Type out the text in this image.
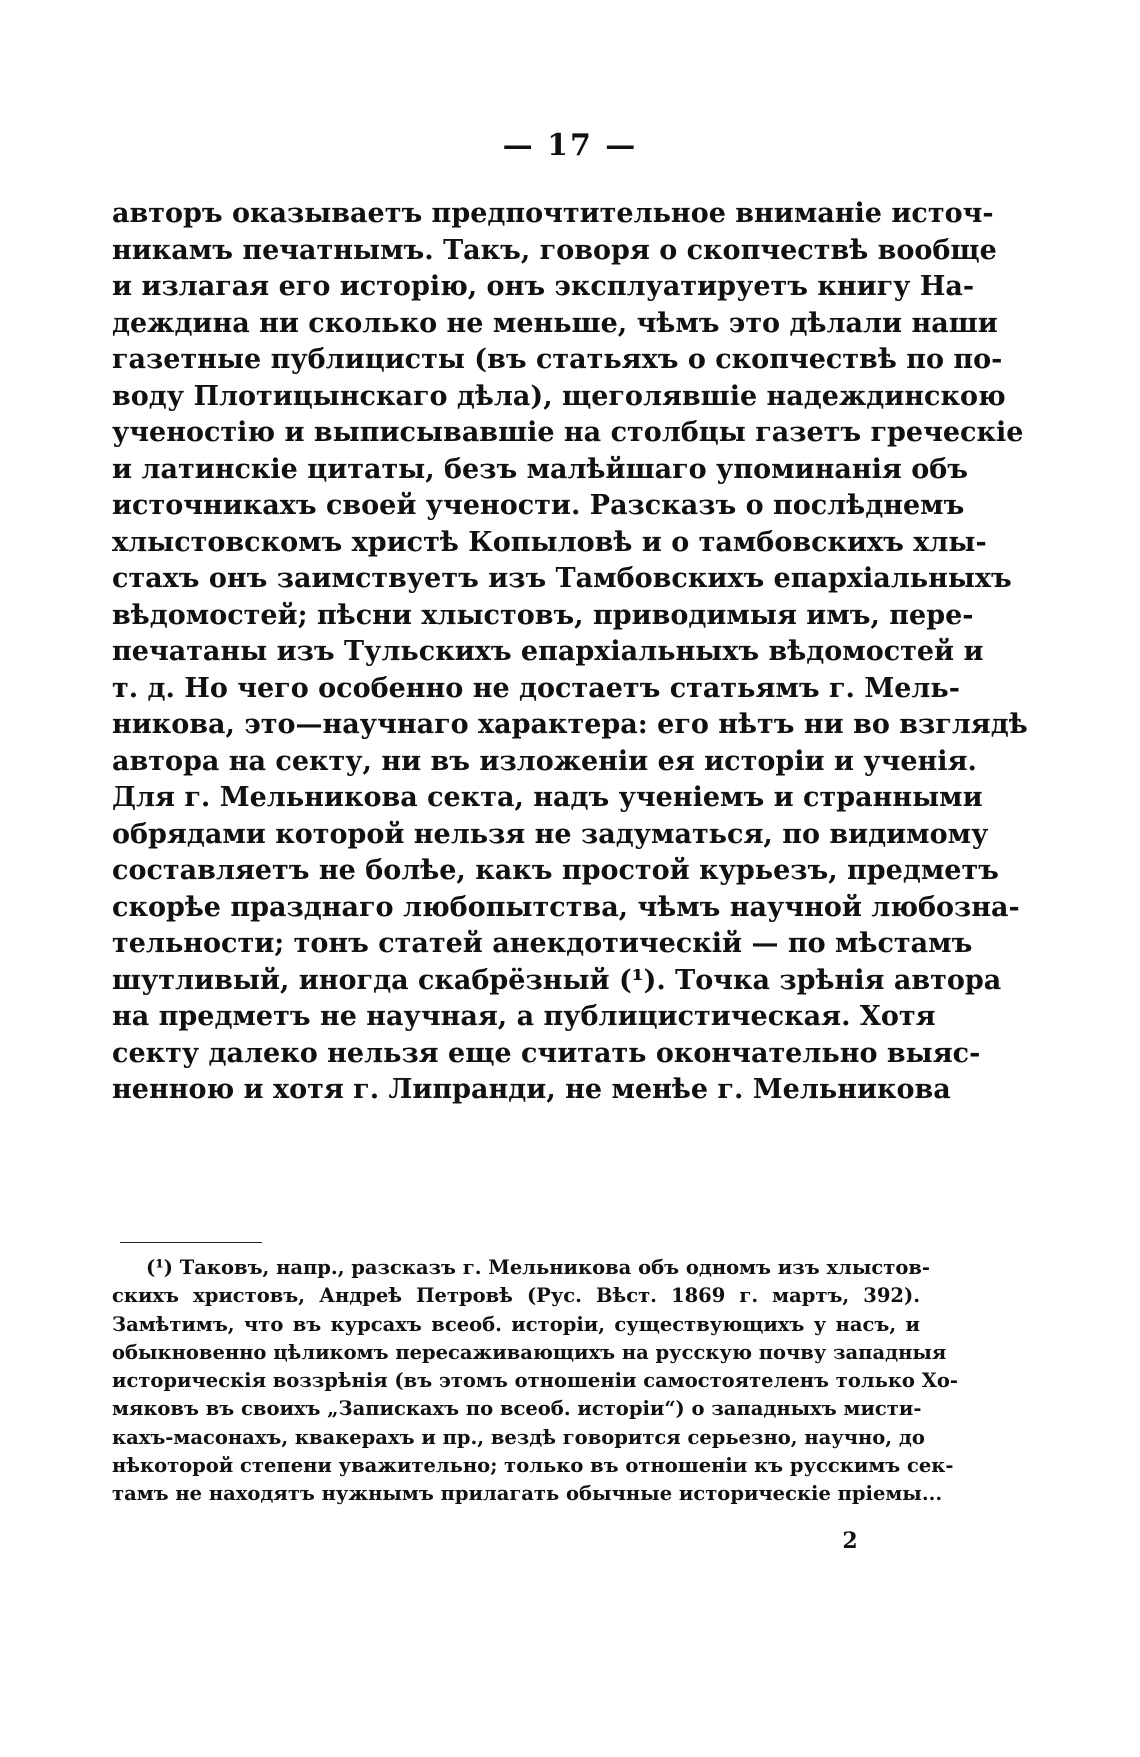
— 17 —
авторъ оказываетъ предпочтительное вниманіе источ-
никамъ печатнымъ. Такъ, говоря о скопчествѣ вообще
и излагая его исторію, онъ эксплуатируетъ книгу На-
деждина ни сколько не меньше, чѣмъ это дѣлали наши
газетные публицисты (въ статьяхъ о скопчествѣ по по-
воду Плотицынскаго дѣла), щеголявшіе надеждинскою
ученостію и выписывавшіе на столбцы газетъ греческіе
и латинскіе цитаты, безъ малѣйшаго упоминанія объ
источникахъ своей учености. Разсказъ о послѣднемъ
хлыстовскомъ христѣ Копыловѣ и о тамбовскихъ хлы-
стахъ онъ заимствуетъ изъ Тамбовскихъ епархіальныхъ
вѣдомостей; пѣсни хлыстовъ, приводимыя имъ, пере-
печатаны изъ Тульскихъ епархіальныхъ вѣдомостей и
т. д. Но чего особенно не достаетъ статьямъ г. Мель-
никова, это—научнаго характера: его нѣтъ ни во взглядѣ
автора на секту, ни въ изложеніи ея исторіи и ученія.
Для г. Мельникова секта, надъ ученіемъ и странными
обрядами которой нельзя не задуматься, по видимому
составляетъ не болѣе, какъ простой курьезъ, предметъ
скорѣе празднаго любопытства, чѣмъ научной любозна-
тельности; тонъ статей анекдотическій — по мѣстамъ
шутливый, иногда скабрёзный (¹). Точка зрѣнія автора
на предметъ не научная, а публицистическая. Хотя
секту далеко нельзя еще считать окончательно выяс-
ненною и хотя г. Липранди, не менѣе г. Мельникова
(¹) Таковъ, напр., разсказъ г. Мельникова объ одномъ изъ хлыстов-
скихъ христовъ, Андреѣ Петровѣ (Рус. Вѣст. 1869 г. мартъ, 392).
Замѣтимъ, что въ курсахъ всеоб. исторіи, существующихъ у насъ, и
обыкновенно цѣликомъ пересаживающихъ на русскую почву западныя
историческія воззрѣнія (въ этомъ отношеніи самостоятеленъ только Хо-
мяковъ въ своихъ „Запискахъ по всеоб. исторіи“) о западныхъ мисти-
кахъ-масонахъ, квакерахъ и пр., вездѣ говорится серьезно, научно, до
нѣкоторой степени уважительно; только въ отношеніи къ русскимъ сек-
тамъ не находятъ нужнымъ прилагать обычные историческіе пріемы...
2
